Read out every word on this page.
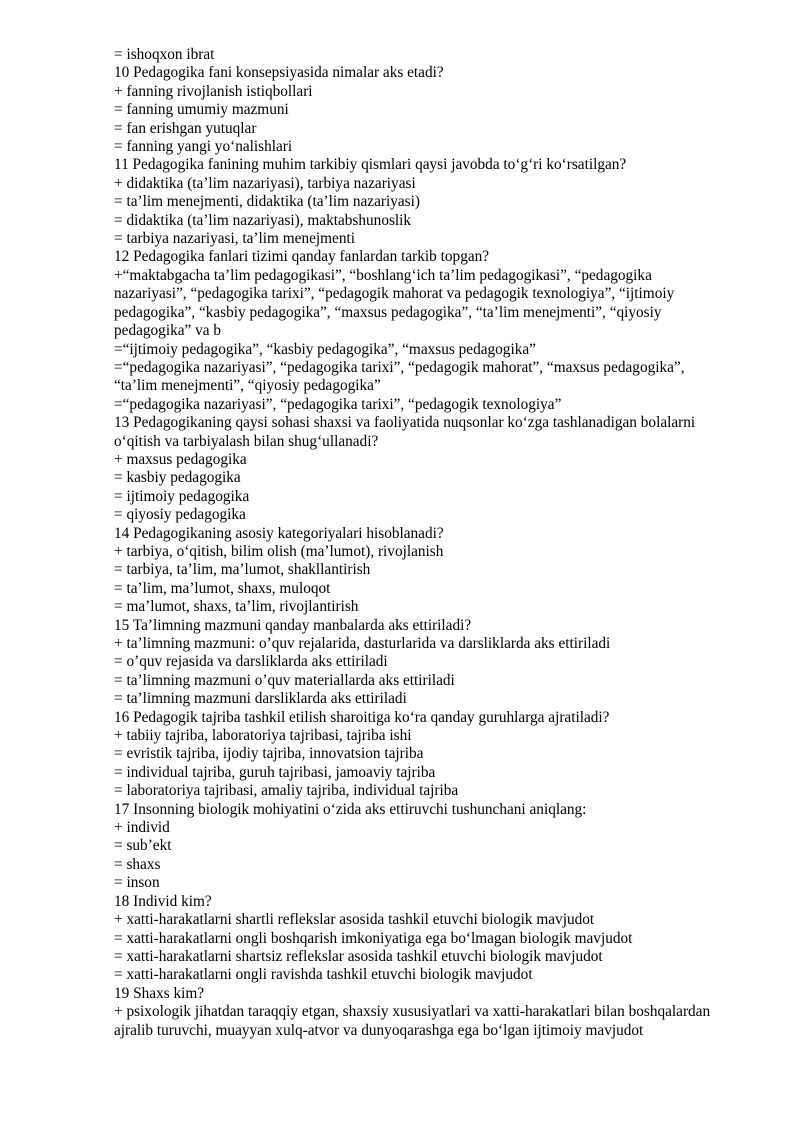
= ishoqxon ibrat

10 Pedagogika fani konsepsiyasida nimalar aks etadi?

+ fanning rivojlanish istiqbollari

= fanning umumiy mazmuni

= fan erishgan yutuqlar

= fanning yangi yo‘nalishlari

11 Pedagogika fanining muhim tarkibiy qismlari qaysi javobda to‘g‘ri ko‘rsatilgan?

+ didaktika (ta’lim nazariyasi), tarbiya nazariyasi

= ta’lim menejmenti, didaktika (ta’lim nazariyasi)

= didaktika (ta’lim nazariyasi), maktabshunoslik

= tarbiya nazariyasi, ta’lim menejmenti

12 Pedagogika fanlari tizimi qanday fanlardan tarkib topgan?

+“maktabgacha ta’lim pedagogikasi”, “boshlang‘ich ta’lim pedagogikasi”, “pedagogika

nazariyasi”, “pedagogika tarixi”, “pedagogik mahorat va pedagogik texnologiya”, “ijtimoiy

pedagogika”, “kasbiy pedagogika”, “maxsus pedagogika”, “ta’lim menejmenti”, “qiyosiy

pedagogika” va b

=“ijtimoiy pedagogika”, “kasbiy pedagogika”, “maxsus pedagogika”

=“pedagogika nazariyasi”, “pedagogika tarixi”, “pedagogik mahorat”, “maxsus pedagogika”,

“ta’lim menejmenti”, “qiyosiy pedagogika”

=“pedagogika nazariyasi”, “pedagogika tarixi”, “pedagogik texnologiya”

13 Pedagogikaning qaysi sohasi shaxsi va faoliyatida nuqsonlar ko‘zga tashlanadigan bolalarni

o‘qitish va tarbiyalash bilan shug‘ullanadi?

+ maxsus pedagogika

= kasbiy pedagogika

= ijtimoiy pedagogika

= qiyosiy pedagogika

14 Pedagogikaning asosiy kategoriyalari hisoblanadi?

+ tarbiya, o‘qitish, bilim olish (ma’lumot), rivojlanish

= tarbiya, ta’lim, ma’lumot, shakllantirish

= ta’lim, ma’lumot, shaxs, muloqot

= ma’lumot, shaxs, ta’lim, rivojlantirish

15 Ta’limning mazmuni qanday manbalarda aks ettiriladi?

+ ta’limning mazmuni: o’quv rejalarida, dasturlarida va darsliklarda aks ettiriladi

= o’quv rejasida va darsliklarda aks ettiriladi

= ta’limning mazmuni o’quv materiallarda aks ettiriladi

= ta’limning mazmuni darsliklarda aks ettiriladi

16 Pedagogik tajriba tashkil etilish sharoitiga ko‘ra qanday guruhlarga ajratiladi?

+ tabiiy tajriba, laboratoriya tajribasi, tajriba ishi

= evristik tajriba, ijodiy tajriba, innovatsion tajriba

= individual tajriba, guruh tajribasi, jamoaviy tajriba

= laboratoriya tajribasi, amaliy tajriba, individual tajriba

17 Insonning biologik mohiyatini o‘zida aks ettiruvchi tushunchani aniqlang:

+ individ

= sub’ekt

= shaxs

= inson

18 Individ kim?

+ xatti-harakatlarni shartli reflekslar asosida tashkil etuvchi biologik mavjudot

= xatti-harakatlarni ongli boshqarish imkoniyatiga ega bo‘lmagan biologik mavjudot

= xatti-harakatlarni shartsiz reflekslar asosida tashkil etuvchi biologik mavjudot

= xatti-harakatlarni ongli ravishda tashkil etuvchi biologik mavjudot

19 Shaxs kim?

+ psixologik jihatdan taraqqiy etgan, shaxsiy xususiyatlari va xatti-harakatlari bilan boshqalardan

ajralib turuvchi, muayyan xulq-atvor va dunyoqarashga ega bo‘lgan ijtimoiy mavjudot
